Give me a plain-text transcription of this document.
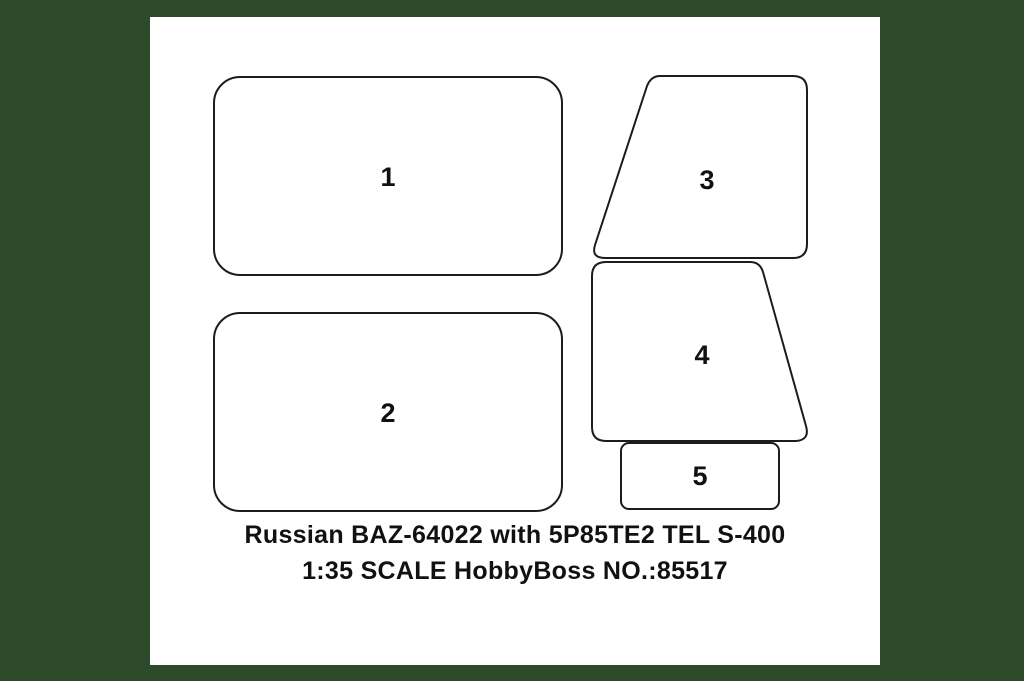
1
2
3
4
5
Russian BAZ-64022 with 5P85TE2 TEL S-400
1:35 SCALE HobbyBoss NO.:85517
